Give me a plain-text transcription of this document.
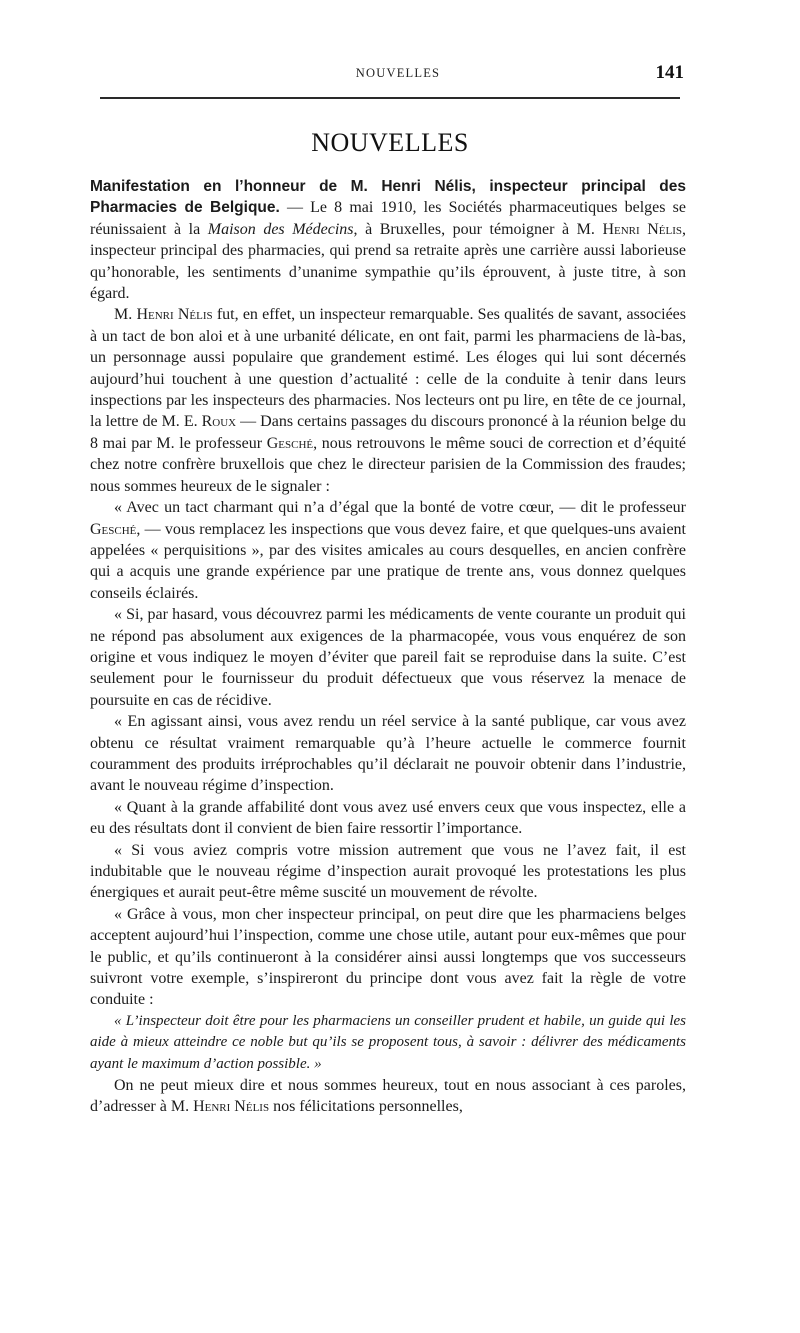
NOUVELLES	141
NOUVELLES

Manifestation en l’honneur de M. Henri Nélis, inspecteur principal des Pharmacies de Belgique. — Le 8 mai 1910, les Sociétés pharmaceutiques belges se réunissaient à la Maison des Médecins, à Bruxelles, pour témoigner à M. Henri Nélis, inspecteur principal des pharmacies, qui prend sa retraite après une carrière aussi laborieuse qu’honorable, les sentiments d’unanime sympathie qu’ils éprouvent, à juste titre, à son égard.

M. Henri Nélis fut, en effet, un inspecteur remarquable. Ses qualités de savant, associées à un tact de bon aloi et à une urbanité délicate, en ont fait, parmi les pharmaciens de là-bas, un personnage aussi populaire que grandement estimé. Les éloges qui lui sont décernés aujourd’hui touchent à une question d’actualité : celle de la conduite à tenir dans leurs inspections par les inspecteurs des pharmacies. Nos lecteurs ont pu lire, en tête de ce journal, la lettre de M. E. Roux — Dans certains passages du discours prononcé à la réunion belge du 8 mai par M. le professeur Gesché, nous retrouvons le même souci de correction et d’équité chez notre confrère bruxellois que chez le directeur parisien de la Commission des fraudes; nous sommes heureux de le signaler :

« Avec un tact charmant qui n’a d’égal que la bonté de votre cœur, — dit le professeur Gesché, — vous remplacez les inspections que vous devez faire, et que quelques-uns avaient appelées « perquisitions », par des visites amicales au cours desquelles, en ancien confrère qui a acquis une grande expérience par une pratique de trente ans, vous donnez quelques conseils éclairés.

« Si, par hasard, vous découvrez parmi les médicaments de vente courante un produit qui ne répond pas absolument aux exigences de la pharmacopée, vous vous enquérez de son origine et vous indiquez le moyen d’éviter que pareil fait se reproduise dans la suite. C’est seulement pour le fournisseur du produit défectueux que vous réservez la menace de poursuite en cas de récidive.

« En agissant ainsi, vous avez rendu un réel service à la santé publique, car vous avez obtenu ce résultat vraiment remarquable qu’à l’heure actuelle le commerce fournit couramment des produits irréprochables qu’il déclarait ne pouvoir obtenir dans l’industrie, avant le nouveau régime d’inspection.

« Quant à la grande affabilité dont vous avez usé envers ceux que vous inspectez, elle a eu des résultats dont il convient de bien faire ressortir l’importance.

« Si vous aviez compris votre mission autrement que vous ne l’avez fait, il est indubitable que le nouveau régime d’inspection aurait provoqué les protestations les plus énergiques et aurait peut-être même suscité un mouvement de révolte.

« Grâce à vous, mon cher inspecteur principal, on peut dire que les pharmaciens belges acceptent aujourd’hui l’inspection, comme une chose utile, autant pour eux-mêmes que pour le public, et qu’ils continueront à la considérer ainsi aussi longtemps que vos successeurs suivront votre exemple, s’inspireront du principe dont vous avez fait la règle de votre conduite :

« L’inspecteur doit être pour les pharmaciens un conseiller prudent et habile, un guide qui les aide à mieux atteindre ce noble but qu’ils se proposent tous, à savoir : délivrer des médicaments ayant le maximum d’action possible. »

On ne peut mieux dire et nous sommes heureux, tout en nous associant à ces paroles, d’adresser à M. Henri Nélis nos félicitations personnelles,
